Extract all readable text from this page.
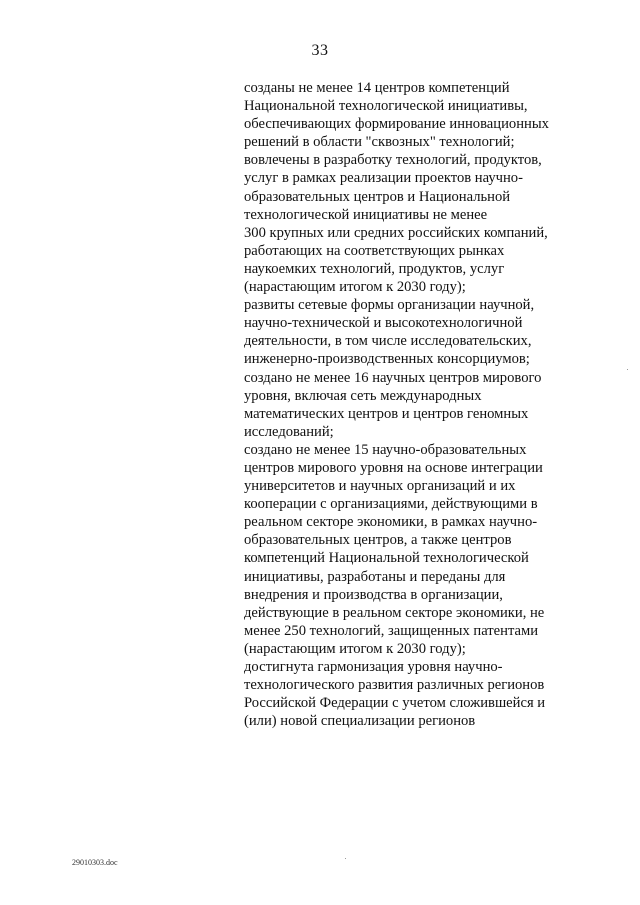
33
созданы не менее 14 центров компетенций
Национальной технологической инициативы,
обеспечивающих формирование инновационных
решений в области "сквозных" технологий;
вовлечены в разработку технологий, продуктов,
услуг в рамках реализации проектов научно-
образовательных центров и Национальной
технологической инициативы не менее
300 крупных или средних российских компаний,
работающих на соответствующих рынках
наукоемких технологий, продуктов, услуг
(нарастающим итогом к 2030 году);
развиты сетевые формы организации научной,
научно-технической и высокотехнологичной
деятельности, в том числе исследовательских,
инженерно-производственных консорциумов;
создано не менее 16 научных центров мирового
уровня, включая сеть международных
математических центров и центров геномных
исследований;
создано не менее 15 научно-образовательных
центров мирового уровня на основе интеграции
университетов и научных организаций и их
кооперации с организациями, действующими в
реальном секторе экономики, в рамках научно-
образовательных центров, а также центров
компетенций Национальной технологической
инициативы, разработаны и переданы для
внедрения и производства в организации,
действующие в реальном секторе экономики, не
менее 250 технологий, защищенных патентами
(нарастающим итогом к 2030 году);
достигнута гармонизация уровня научно-
технологического развития различных регионов
Российской Федерации с учетом сложившейся и
(или) новой специализации регионов
29010303.doc
